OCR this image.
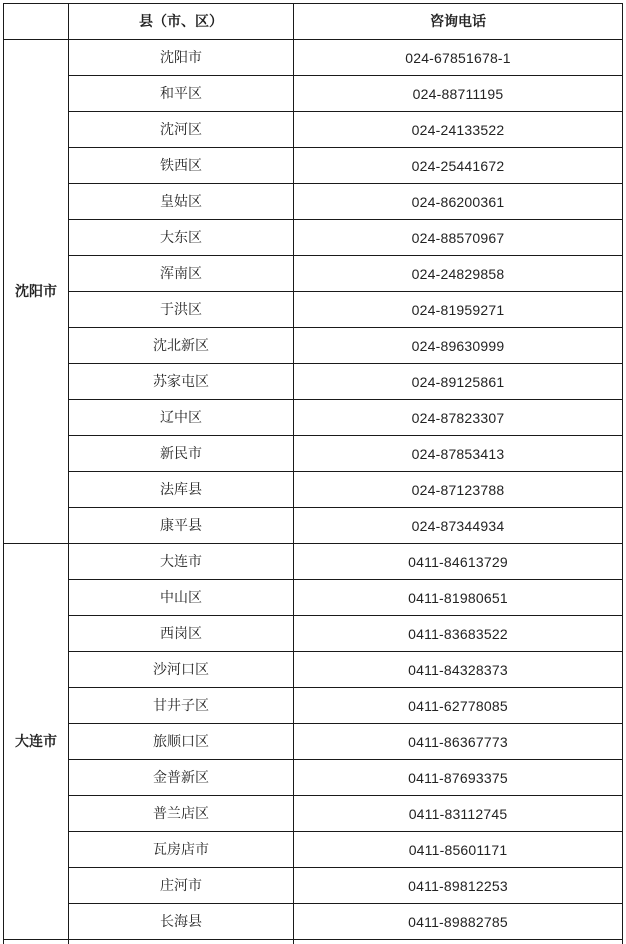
	县（市、区）	咨询电话
沈阳市	沈阳市	024-67851678-1
	和平区	024-88711195
	沈河区	024-24133522
	铁西区	024-25441672
	皇姑区	024-86200361
	大东区	024-88570967
	浑南区	024-24829858
	于洪区	024-81959271
	沈北新区	024-89630999
	苏家屯区	024-89125861
	辽中区	024-87823307
	新民市	024-87853413
	法库县	024-87123788
	康平县	024-87344934
大连市	大连市	0411-84613729
	中山区	0411-81980651
	西岗区	0411-83683522
	沙河口区	0411-84328373
	甘井子区	0411-62778085
	旅顺口区	0411-86367773
	金普新区	0411-87693375
	普兰店区	0411-83112745
	瓦房店市	0411-85601171
	庄河市	0411-89812253
	长海县	0411-89882785
